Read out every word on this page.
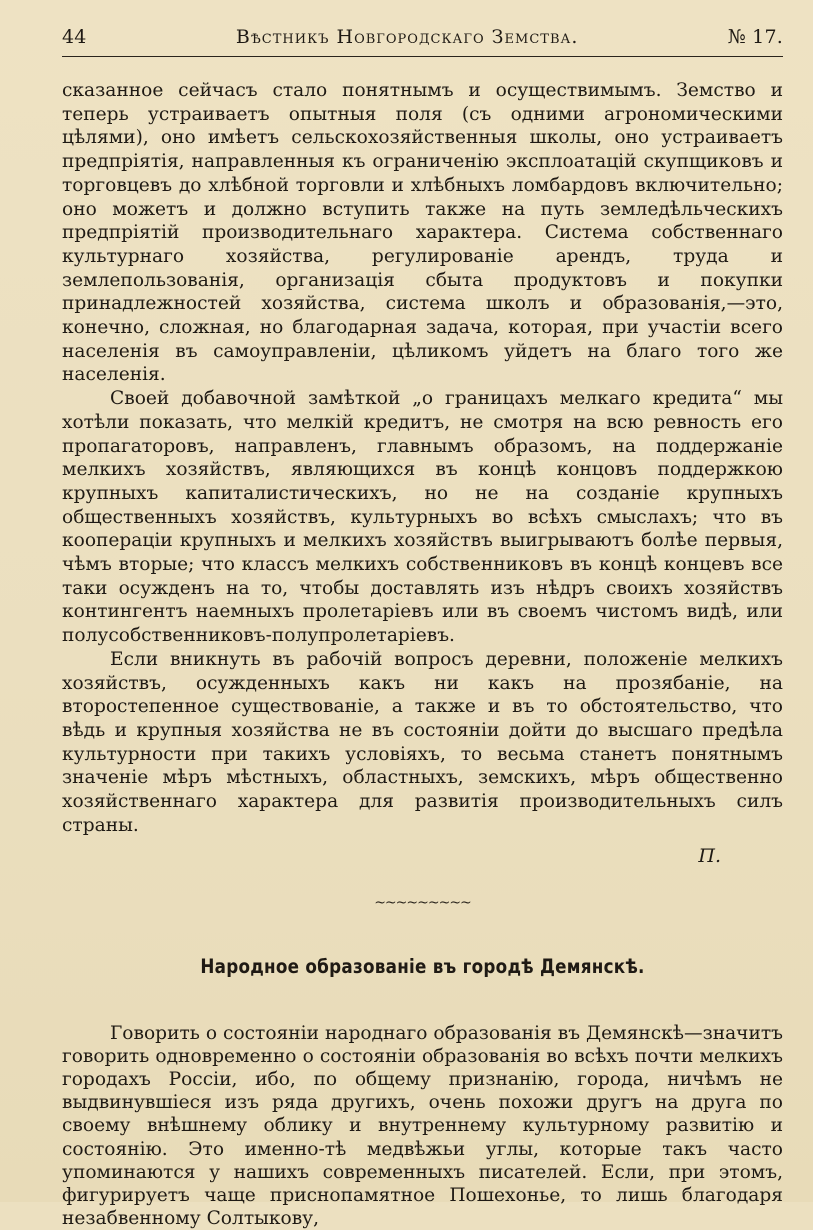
44	Вѣстникъ Новгородскаго Земства.	№ 17.

сказанное сейчасъ стало понятнымъ и осуществимымъ. Земство и теперь устраиваетъ опытныя поля (съ одними агрономическими цѣлями), оно имѣетъ сельскохозяйственныя школы, оно устраиваетъ предпріятія, направленныя къ ограниченію эксплоатацій скупщиковъ и торговцевъ до хлѣбной торговли и хлѣбныхъ ломбардовъ включительно; оно можетъ и должно вступить также на путь земледѣльческихъ предпріятій производительнаго характера. Система собственнаго культурнаго хозяйства, регулированіе арендъ, труда и землепользованія, организація сбыта продуктовъ и покупки принадлежностей хозяйства, система школъ и образованія,—это, конечно, сложная, но благодарная задача, которая, при участіи всего населенія въ самоуправленіи, цѣликомъ уйдетъ на благо того же населенія.

Своей добавочной замѣткой „о границахъ мелкаго кредита“ мы хотѣли показать, что мелкій кредитъ, не смотря на всю ревность его пропагаторовъ, направленъ, главнымъ образомъ, на поддержаніе мелкихъ хозяйствъ, являющихся въ концѣ концовъ поддержкою крупныхъ капиталистическихъ, но не на созданіе крупныхъ общественныхъ хозяйствъ, культурныхъ во всѣхъ смыслахъ; что въ коопераціи крупныхъ и мелкихъ хозяйствъ выигрываютъ болѣе первыя, чѣмъ вторые; что классъ мелкихъ собственниковъ въ концѣ концевъ все таки осужденъ на то, чтобы доставлять изъ нѣдръ своихъ хозяйствъ контингентъ наемныхъ пролетаріевъ или въ своемъ чистомъ видѣ, или полусобственниковъ-полупролетаріевъ.

Если вникнуть въ рабочій вопросъ деревни, положеніе мелкихъ хозяйствъ, осужденныхъ какъ ни какъ на прозябаніе, на второстепенное существованіе, а также и въ то обстоятельство, что вѣдь и крупныя хозяйства не въ состояніи дойти до высшаго предѣла культурности при такихъ условіяхъ, то весьма станетъ понятнымъ значеніе мѣръ мѣстныхъ, областныхъ, земскихъ, мѣръ общественно хозяйственнаго характера для развитія производительныхъ силъ страны.

П.
~~~~~~~~~
Народное образованіе въ городѣ Демянскѣ.

Говорить о состояніи народнаго образованія въ Демянскѣ—значитъ говорить одновременно о состояніи образованія во всѣхъ почти мелкихъ городахъ Россіи, ибо, по общему признанію, города, ничѣмъ не выдвинувшіеся изъ ряда другихъ, очень похожи другъ на друга по своему внѣшнему облику и внутреннему культурному развитію и состоянію. Это именно-тѣ медвѣжьи углы, которые такъ часто упоминаются у нашихъ современныхъ писателей. Если, при этомъ, фигурируетъ чаще приснопамятное Пошехонье, то лишь благодаря незабвенному Солтыкову,
